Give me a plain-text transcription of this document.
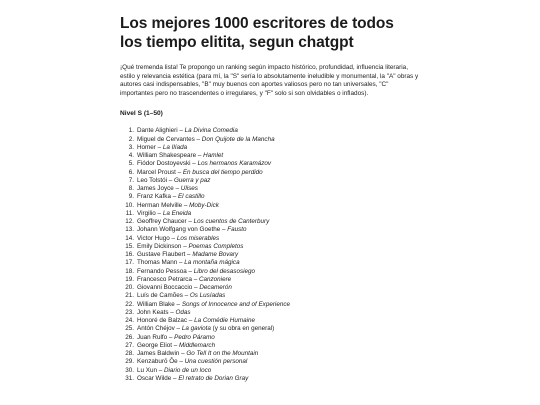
Los mejores 1000 escritores de todos los tiempo elitita, segun chatgpt

¡Qué tremenda lista! Te propongo un ranking según impacto histórico, profundidad, influencia literaria, estilo y relevancia estética (para mí, la "S" sería lo absolutamente ineludible y monumental, la "A" obras y autores casi indispensables, "B" muy buenos con aportes valiosos pero no tan universales, "C" importantes pero no trascendentes o irregulares, y "F" solo si son olvidables o inflados).

Nivel S (1–50)
1. Dante Alighieri – La Divina Comedia
2. Miguel de Cervantes – Don Quijote de la Mancha
3. Homer – La Ilíada
4. William Shakespeare – Hamlet
5. Fiódor Dostoyevski – Los hermanos Karamázov
6. Marcel Proust – En busca del tiempo perdido
7. Leo Tolstói – Guerra y paz
8. James Joyce – Ulises
9. Franz Kafka – El castillo
10. Herman Melville – Moby-Dick
11. Virgilio – La Eneida
12. Geoffrey Chaucer – Los cuentos de Canterbury
13. Johann Wolfgang von Goethe – Fausto
14. Victor Hugo – Los miserables
15. Emily Dickinson – Poemas Completos
16. Gustave Flaubert – Madame Bovary
17. Thomas Mann – La montaña mágica
18. Fernando Pessoa – Libro del desasosiego
19. Francesco Petrarca – Canzoniere
20. Giovanni Boccaccio – Decamerón
21. Luís de Camões – Os Lusíadas
22. William Blake – Songs of Innocence and of Experience
23. John Keats – Odas
24. Honoré de Balzac – La Comédie Humaine
25. Antón Chéjov – La gaviota (y su obra en general)
26. Juan Rulfo – Pedro Páramo
27. George Eliot – Middlemarch
28. James Baldwin – Go Tell It on the Mountain
29. Kenzaburō Ōe – Una cuestión personal
30. Lu Xun – Diario de un loco
31. Oscar Wilde – El retrato de Dorian Gray
